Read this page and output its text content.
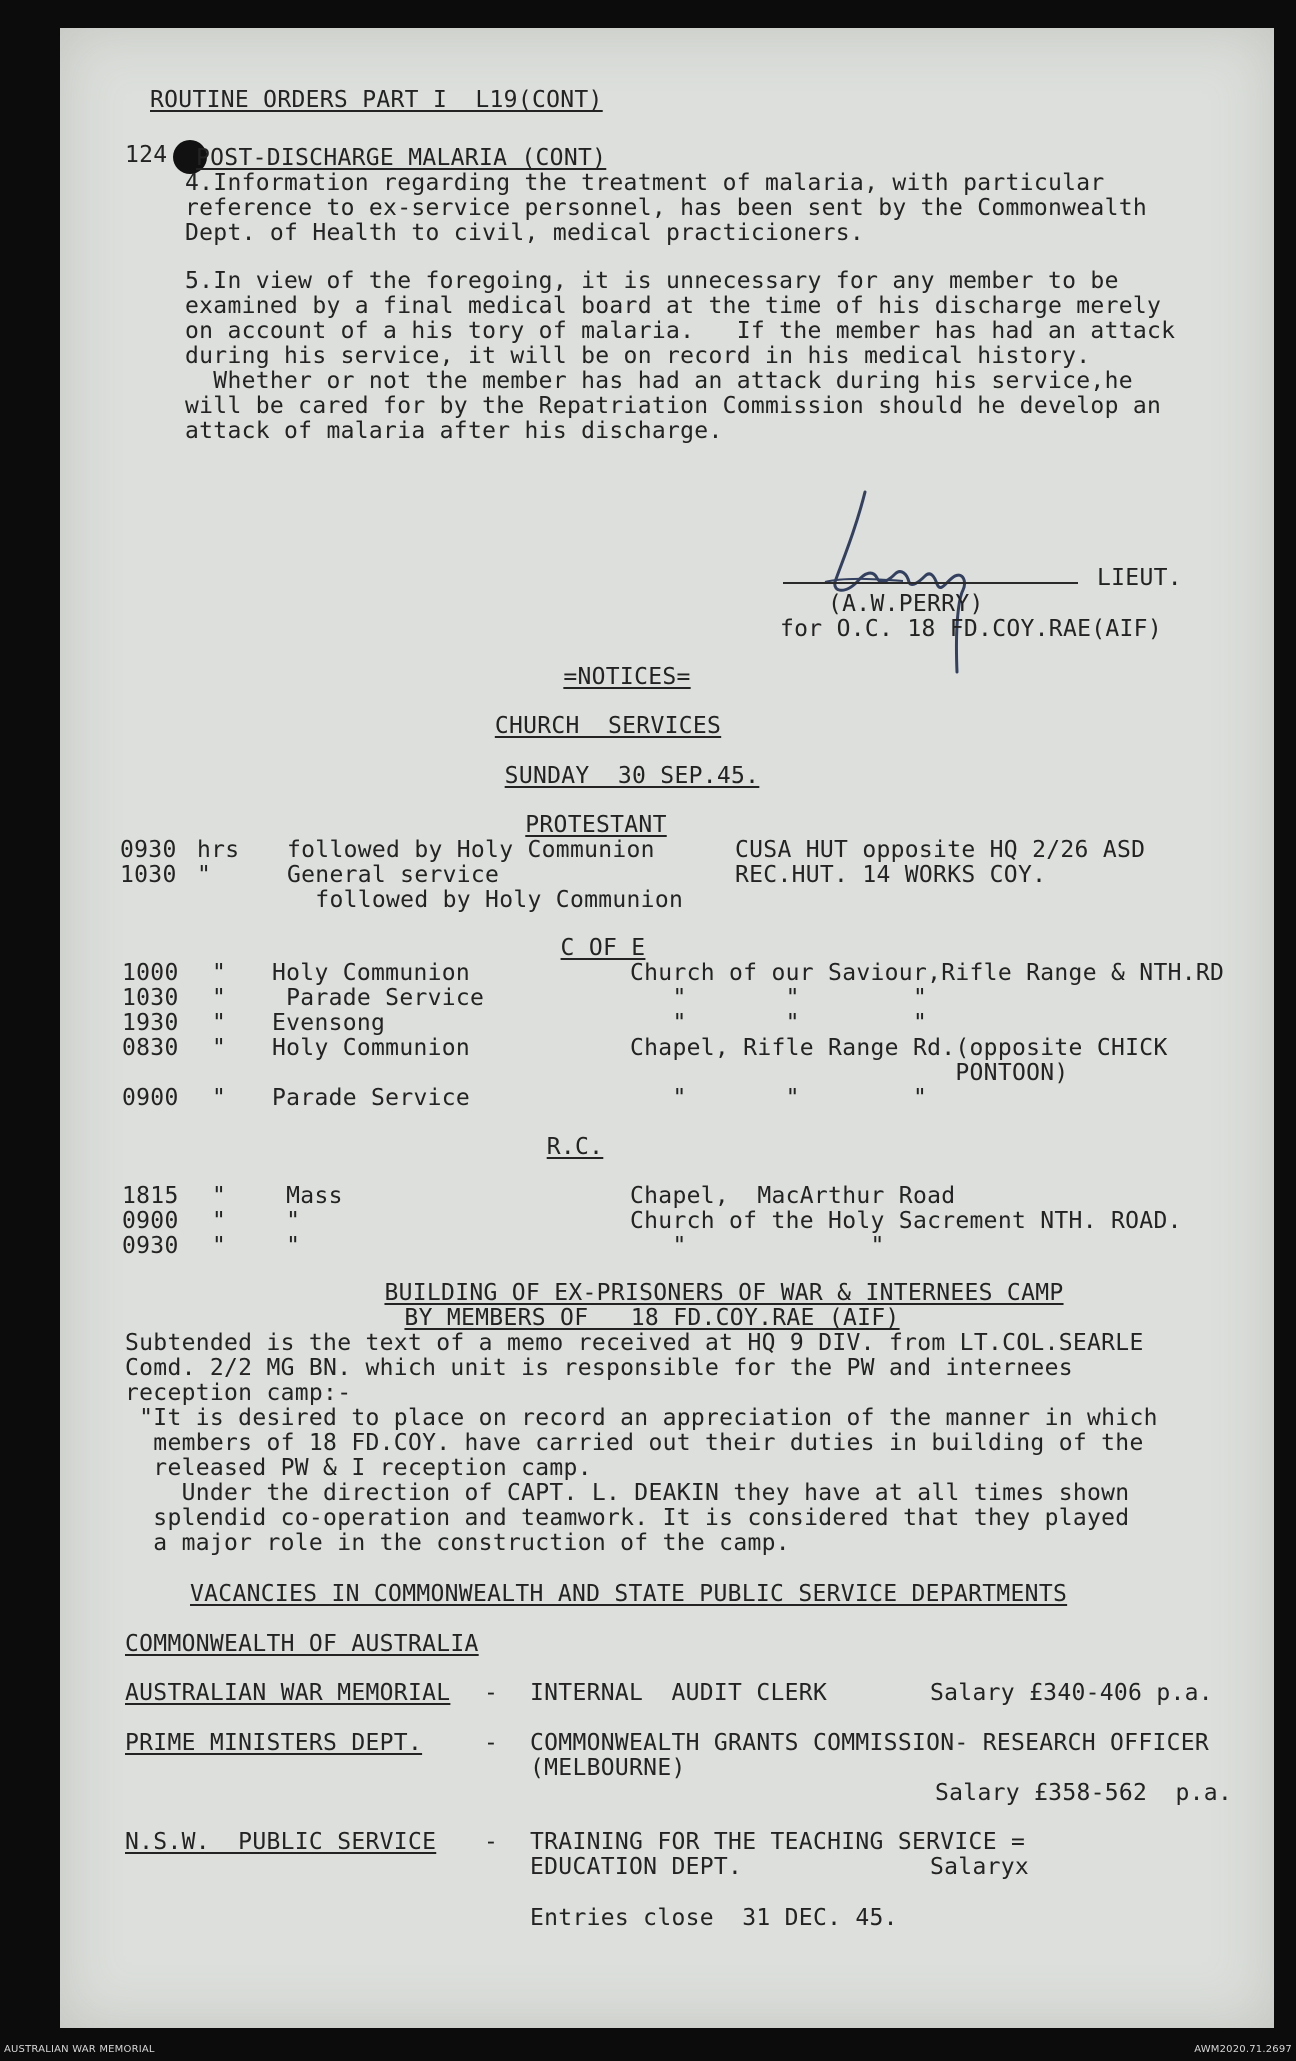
ROUTINE ORDERS PART I  L19(CONT)
124 POST-DISCHARGE MALARIA (CONT)
4.Information regarding the treatment of malaria, with particular
reference to ex-service personnel, has been sent by the Commonwealth
Dept. of Health to civil, medical practicioners.
5.In view of the foregoing, it is unnecessary for any member to be
examined by a final medical board at the time of his discharge merely
on account of a his tory of malaria.   If the member has had an attack
during his service, it will be on record in his medical history.
Whether or not the member has had an attack during his service,he
will be cared for by the Repatriation Commission should he develop an
attack of malaria after his discharge.
LIEUT.
(A.W.PERRY)
for O.C. 18 FD.COY.RAE(AIF)
=NOTICES=
CHURCH  SERVICES
SUNDAY  30 SEP.45.
PROTESTANT
0930 hrs followed by Holy Communion	CUSA HUT opposite HQ 2/26 ASD
1030 "	General service	REC.HUT. 14 WORKS COY.
followed by Holy Communion
C OF E
1000 " Holy Communion	Church of our Saviour,Rifle Range & NTH.RD
1030 " Parade Service	"       "        "
1930 " Evensong	"       "        "
0830 " Holy Communion	Chapel, Rifle Range Rd.(opposite CHICK
PONTOON)
0900 " Parade Service	"       "        "
R.C.
1815 " Mass	Chapel,  MacArthur Road
0900 " "	Church of the Holy Sacrement NTH. ROAD.
0930 " "	"             "
BUILDING OF EX-PRISONERS OF WAR & INTERNEES CAMP
BY MEMBERS OF   18 FD.COY.RAE (AIF)
Subtended is the text of a memo received at HQ 9 DIV. from LT.COL.SEARLE
Comd. 2/2 MG BN. which unit is responsible for the PW and internees
reception camp:-
"It is desired to place on record an appreciation of the manner in which
members of 18 FD.COY. have carried out their duties in building of the
released PW & I reception camp.
Under the direction of CAPT. L. DEAKIN they have at all times shown
splendid co-operation and teamwork. It is considered that they played
a major role in the construction of the camp.
VACANCIES IN COMMONWEALTH AND STATE PUBLIC SERVICE DEPARTMENTS
COMMONWEALTH OF AUSTRALIA
AUSTRALIAN WAR MEMORIAL - INTERNAL  AUDIT CLERK	Salary £340-406 p.a.
PRIME MINISTERS DEPT.	- COMMONWEALTH GRANTS COMMISSION- RESEARCH OFFICER
(MELBOURNE)
Salary £358-562  p.a.
N.S.W.  PUBLIC SERVICE - TRAINING FOR THE TEACHING SERVICE =
EDUCATION DEPT.	Salaryx
Entries close  31 DEC. 45.
AUSTRALIAN WAR MEMORIAL	AWM2020.71.2697
